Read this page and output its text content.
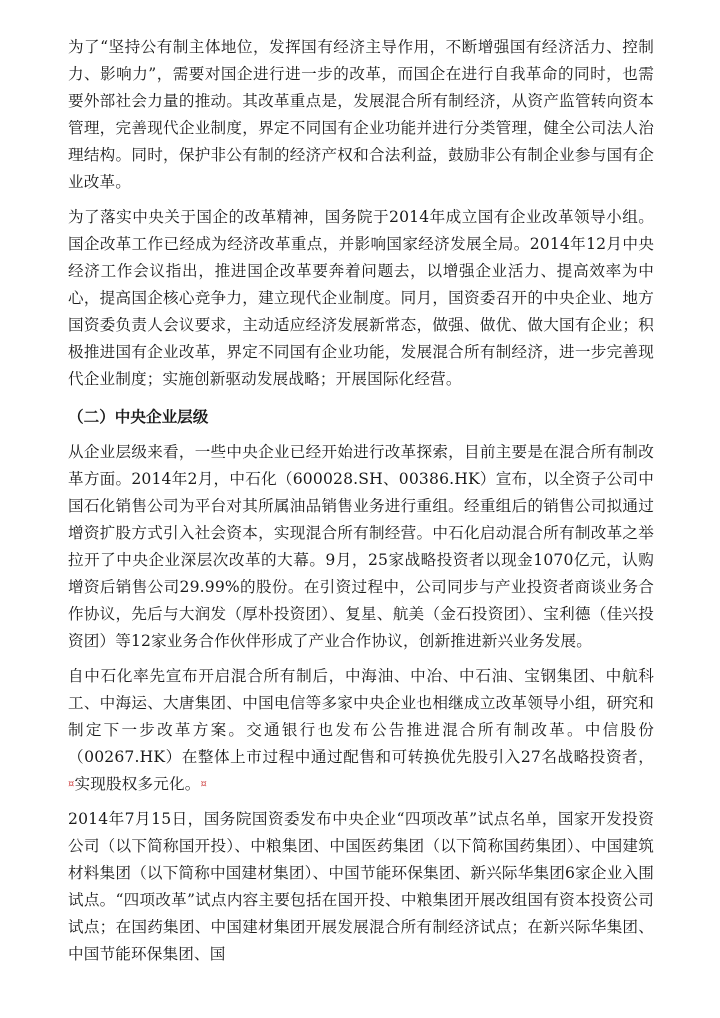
为了“坚持公有制主体地位，发挥国有经济主导作用，不断增强国有经济活力、控制力、影响力”，需要对国企进行进一步的改革，而国企在进行自我革命的同时，也需要外部社会力量的推动。其改革重点是，发展混合所有制经济，从资产监管转向资本管理，完善现代企业制度，界定不同国有企业功能并进行分类管理，健全公司法人治理结构。同时，保护非公有制的经济产权和合法利益，鼓励非公有制企业参与国有企业改革。

为了落实中央关于国企的改革精神，国务院于2014年成立国有企业改革领导小组。国企改革工作已经成为经济改革重点，并影响国家经济发展全局。2014年12月中央经济工作会议指出，推进国企改革要奔着问题去，以增强企业活力、提高效率为中心，提高国企核心竞争力，建立现代企业制度。同月，国资委召开的中央企业、地方国资委负责人会议要求，主动适应经济发展新常态，做强、做优、做大国有企业；积极推进国有企业改革，界定不同国有企业功能，发展混合所有制经济，进一步完善现代企业制度；实施创新驱动发展战略；开展国际化经营。

（二）中央企业层级

从企业层级来看，一些中央企业已经开始进行改革探索，目前主要是在混合所有制改革方面。2014年2月，中石化（600028.SH、00386.HK）宣布，以全资子公司中国石化销售公司为平台对其所属油品销售业务进行重组。经重组后的销售公司拟通过增资扩股方式引入社会资本，实现混合所有制经营。中石化启动混合所有制改革之举拉开了中央企业深层次改革的大幕。9月，25家战略投资者以现金1070亿元，认购增资后销售公司29.99%的股份。在引资过程中，公司同步与产业投资者商谈业务合作协议，先后与大润发（厚朴投资团）、复星、航美（金石投资团）、宝利德（佳兴投资团）等12家业务合作伙伴形成了产业合作协议，创新推进新兴业务发展。

自中石化率先宣布开启混合所有制后，中海油、中冶、中石油、宝钢集团、中航科工、中海运、大唐集团、中国电信等多家中央企业也相继成立改革领导小组，研究和制定下一步改革方案。交通银行也发布公告推进混合所有制改革。中信股份（00267.HK）在整体上市过程中通过配售和可转换优先股引入27名战略投资者，¤实现股权多元化。¤

2014年7月15日，国务院国资委发布中央企业“四项改革”试点名单，国家开发投资公司（以下简称国开投）、中粮集团、中国医药集团（以下简称国药集团）、中国建筑材料集团（以下简称中国建材集团）、中国节能环保集团、新兴际华集团6家企业入围试点。“四项改革”试点内容主要包括在国开投、中粮集团开展改组国有资本投资公司试点；在国药集团、中国建材集团开展发展混合所有制经济试点；在新兴际华集团、中国节能环保集团、国
